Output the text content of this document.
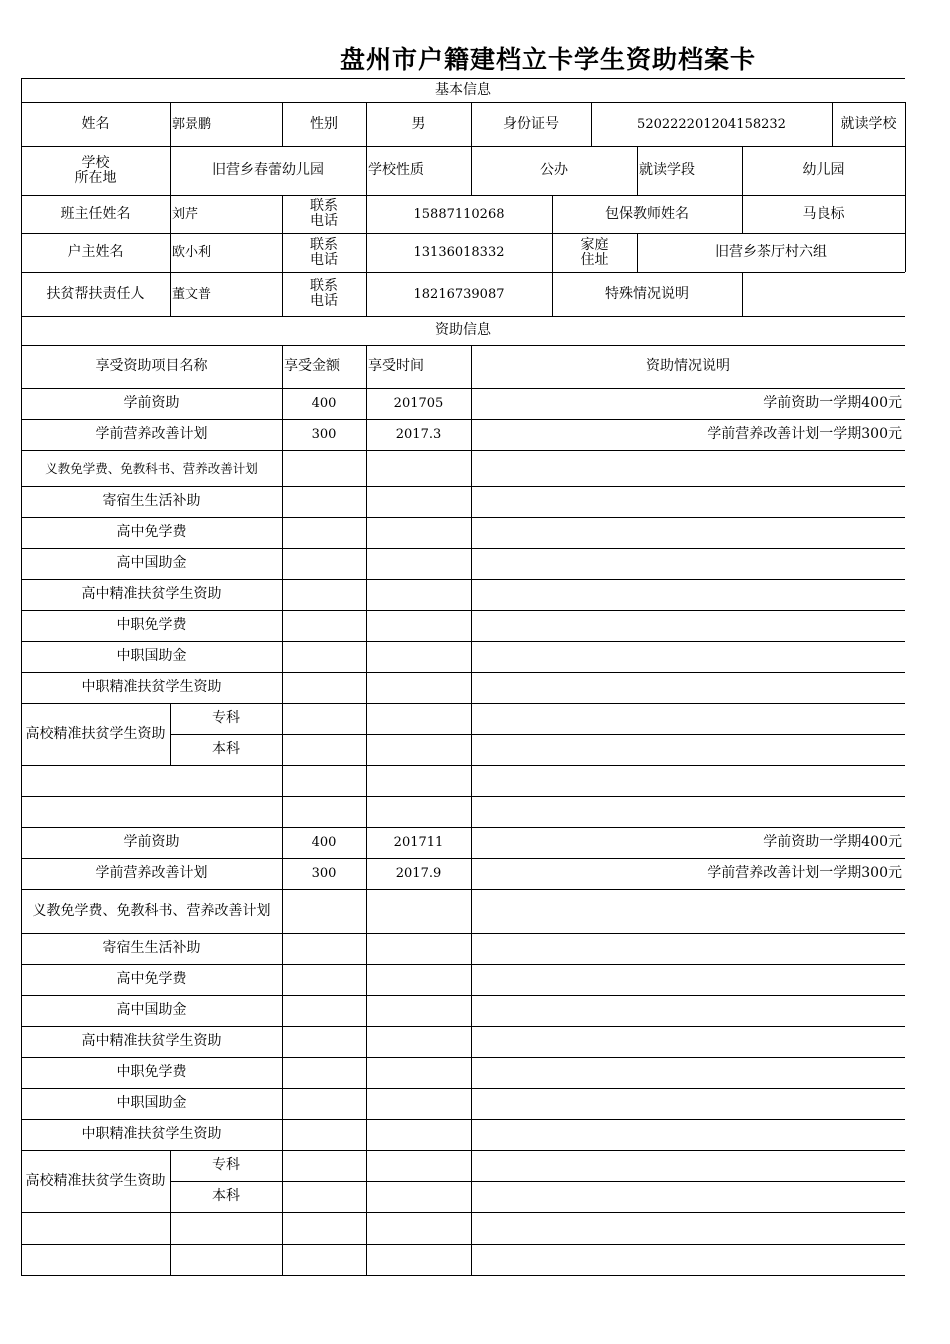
盘州市户籍建档立卡学生资助档案卡
基本信息
姓名	郭景鹏	性别	男	身份证号	520222201204158232	就读学校
学校
所在地	旧营乡春蕾幼儿园	学校性质	公办	就读学段	幼儿园
班主任姓名	刘芹	联系
电话	15887110268	包保教师姓名	马良标
户主姓名	欧小利	联系
电话	13136018332	家庭
住址	旧营乡茶厅村六组
扶贫帮扶责任人	董文普	联系
电话	18216739087	特殊情况说明
资助信息
享受资助项目名称	享受金额	享受时间	资助情况说明
学前资助	400	201705	学前资助一学期400元
学前营养改善计划	300	2017.3	学前营养改善计划一学期300元
义教免学费、免教科书、营养改善计划
寄宿生生活补助
高中免学费
高中国助金
高中精准扶贫学生资助
中职免学费
中职国助金
中职精准扶贫学生资助
高校精准扶贫学生资助
专科
本科
学前资助	400	201711	学前资助一学期400元
学前营养改善计划	300	2017.9	学前营养改善计划一学期300元
义教免学费、免教科书、营养改善计划
寄宿生生活补助
高中免学费
高中国助金
高中精准扶贫学生资助
中职免学费
中职国助金
中职精准扶贫学生资助
高校精准扶贫学生资助
专科
本科
